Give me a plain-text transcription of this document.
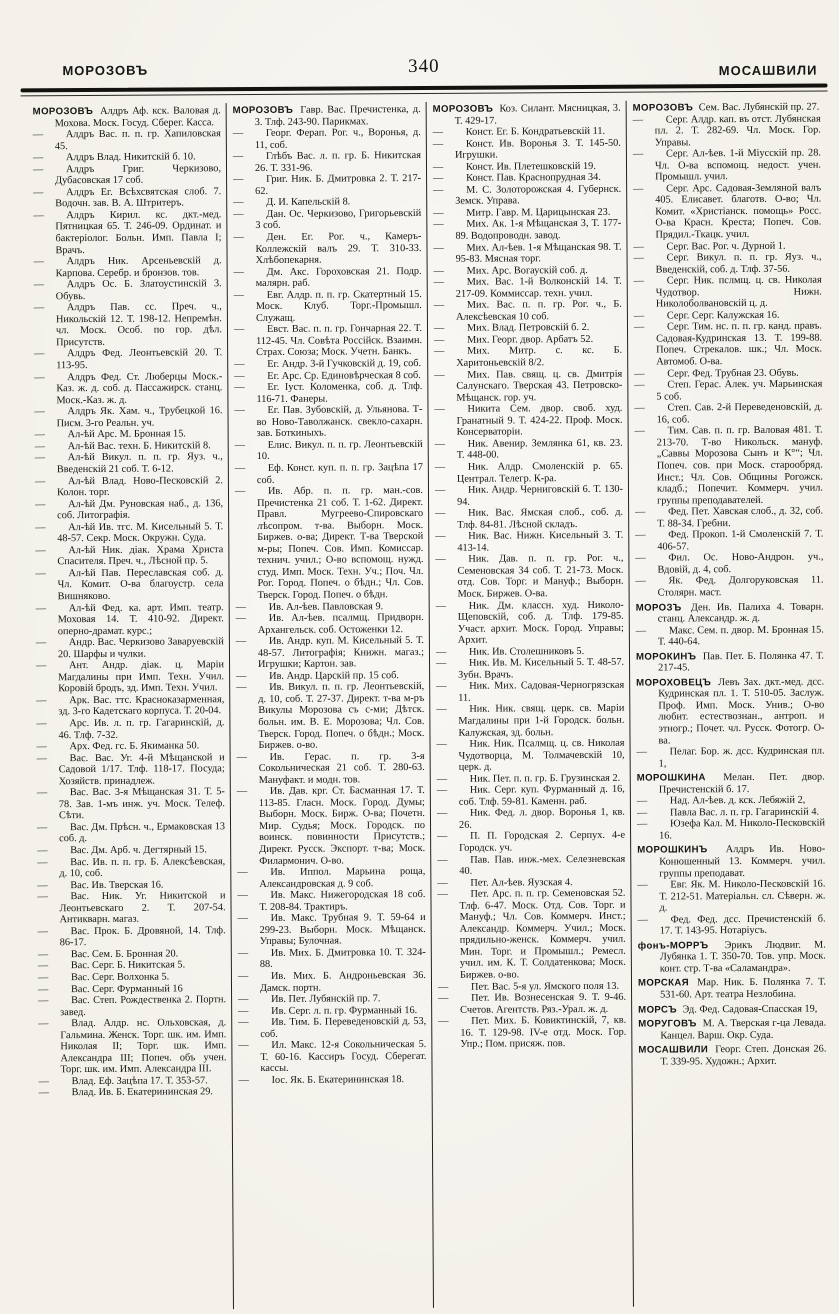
МОРОЗОВЪ	340	МОСАШВИЛИ

МОРОЗОВЪ Алдръ Аф. кск. Валовая д. Мохова. Моск. Госуд. Сберег. Касса.

— Алдръ Вас. п. п. гр. Хапиловская 45.

— Алдръ Влад. Никитскій б. 10.

— Алдръ Григ. Черкизово, Дубасовская 17 соб.

— Алдръ Ег. Всѣхсвятская слоб. 7. Водочн. зав. В. А. Штритеръ.

— Алдръ Кирил. кс. дкт.-мед. Пятницкая 65. Т. 246-09. Ординат. и бактеріолог. Больн. Имп. Павла I; Врачъ.

— Алдръ Ник. Арсеньевскій д. Карпова. Серебр. и бронзов. тов.

— Алдръ Ос. Б. Златоустинскій 3. Обувь.

— Алдръ Пав. сс. Преч. ч., Никольскій 12. Т. 198-12. Непремѣн. чл. Моск. Особ. по гор. дѣл. Присутств.

— Алдръ Фед. Леонтьевскій 20. Т. 113-95.

— Алдръ Фед. Ст. Люберцы Моск.-Каз. ж. д. соб. д. Пассажирск. станц. Моск.-Каз. ж. д.

— Алдръ Як. Хам. ч., Трубецкой 16. Писм. 3-го Реальн. уч.

— Ал-ѣй Арс. М. Бронная 15.

— Ал-ѣй Вас. техн. Б. Никитскій 8.

— Ал-ѣй Викул. п. п. гр. Яуз. ч., Введенскій 21 соб. Т. 6-12.

— Ал-ѣй Влад. Ново-Песковскій 2. Колон. торг.

— Ал-ѣй Дм. Руновская наб., д. 136, соб. Литографія.

— Ал-ѣй Ив. тгс. М. Кисельный 5. Т. 48-57. Секр. Моск. Окружн. Суда.

— Ал-ѣй Ник. діак. Храма Христа Спасителя. Преч. ч., Лѣсной пр. 5.

— Ал-ѣй Пав. Переславская соб. д. Чл. Комит. О-ва благоустр. села Вишняково.

— Ал-ѣй Фед. ка. арт. Имп. театр. Моховая 14. Т. 410-92. Директ. оперно-драмат. курс.;

— Андр. Вас. Черкизово Заваруевскій 20. Шарфы и чулки.

— Ант. Андр. діак. ц. Маріи Магдалины при Имп. Техн. Учил. Коровій бродъ, зд. Имп. Техн. Учил.

— Арк. Вас. ттс. Красноказарменная, зд. 3-го Кадетскаго корпуса. Т. 20-04.

— Арс. Ив. л. п. гр. Гагаринскій, д. 46. Тлф. 7-32.

— Арх. Фед. гс. Б. Якиманка 50.

— Вас. Вас. Уг. 4-й Мѣщанской и Садовой 1/17. Тлф. 118-17. Посуда; Хозяйств. принадлеж.

— Вас. Вас. 3-я Мѣщанская 31. Т. 5-78. Зав. 1-мъ инж. уч. Моск. Телеф. Сѣти.

— Вас. Дм. Прѣсн. ч., Ермаковская 13 соб. д.

— Вас. Дм. Арб. ч. Дегтярный 15.

— Вас. Ив. п. п. гр. Б. Алексѣевская, д. 10, соб.

— Вас. Ив. Тверская 16.

— Вас. Ник. Уг. Никитской и Леонтьевскаго 2. Т. 207-54. Антикварн. магаз.

— Вас. Прок. Б. Дровяной, 14. Тлф. 86-17.

— Вас. Сем. Б. Бронная 20.

— Вас. Серг. Б. Никитская 5.

— Вас. Серг. Волхонка 5.

— Вас. Серг. Фурманный 16

— Вас. Степ. Рождественка 2. Портн. завед.

— Влад. Алдр. нс. Ольховская, д. Гальмина. Женск. Торг. шк. им. Имп. Николая II; Торг. шк. Имп. Александра III; Попеч. объ учен. Торг. шк. им. Имп. Александра III.

— Влад. Еф. Зацѣпа 17. Т. 353-57.

— Влад. Ив. Б. Екатерининская 29.

МОРОЗОВЪ Гавр. Вас. Пречистенка, д. 3. Тлф. 243-90. Парикмах.

— Георг. Ферап. Рог. ч., Воронья, д. 11, соб.

— Глѣбъ Вас. л. п. гр. Б. Никитская 26. Т. 331-96.

— Григ. Ник. Б. Дмитровка 2. Т. 217-62.

— Д. И. Капельскій 8.

— Дан. Ос. Черкизово, Григорьевскій 3 соб.

— Ден. Ег. Рог. ч., Камеръ-Коллежскій валъ 29. Т. 310-33. Хлѣбопекарня.

— Дм. Акс. Гороховская 21. Подр. малярн. раб.

— Евг. Алдр. п. п. гр. Скатертный 15. Моск. Клуб. Торг.-Промышл. Служащ.

— Евст. Вас. п. п. гр. Гончарная 22. Т. 112-45. Чл. Совѣта Россійск. Взаимн. Страх. Союза; Моск. Учетн. Банкъ.

— Ег. Андр. 3-й Гучковскій д. 19, соб.

— Ег. Арс. Ср. Единовѣрческая 8 соб.

— Ег. Іуст. Коломенка, соб. д. Тлф. 116-71. Фанеры.

— Ег. Пав. Зубовскій, д. Ульянова. Т-во Ново-Таволжанск. свекло-сахарн. зав. Боткиныхъ.

— Елис. Викул. п. п. гр. Леонтьевскій 10.

— Еф. Конст. куп. п. п. гр. Зацѣпа 17 соб.

— Ив. Абр. п. п. гр. ман.-сов. Пречистенка 21 соб. Т. 1-62. Директ. Правл. Мугреево-Спировскаго лѣсопром. т-ва. Выборн. Моск. Биржев. о-ва; Директ. Т-ва Тверской м-ры; Попеч. Сов. Имп. Комиссар. технич. учил.; О-во вспомощ. нужд. студ. Имп. Моск. Техн. Уч.; Поч. Чл. Рог. Город. Попеч. о бѣдн.; Чл. Сов. Тверск. Город. Попеч. о бѣдн.

— Ив. Ал-ѣев. Павловская 9.

— Ив. Ал-ѣев. псалмщ. Придворн. Архангельск. соб. Остоженки 12.

— Ив. Андр. куп. М. Кисельный 5. Т. 48-57. Литографія; Книжн. магаз.; Игрушки; Картон. зав.

— Ив. Андр. Царскій пр. 15 соб.

— Ив. Викул. п. п. гр. Леонтьевскій, д. 10, соб. Т. 27-37. Директ. т-ва м-ръ Викулы Морозова съ с-ми; Дѣтск. больн. им. В. Е. Морозова; Чл. Сов. Тверск. Город. Попеч. о бѣдн.; Моск. Биржев. о-во.

— Ив. Герас. п. гр. 3-я Сокольническая 21 соб. Т. 280-63. Мануфакт. и модн. тов.

— Ив. Дав. крг. Ст. Басманная 17. Т. 113-85. Гласн. Моск. Город. Думы; Выборн. Моск. Бирж. О-ва; Почетн. Мир. Судья; Моск. Городск. по воинск. повинности Присутств.; Директ. Русск. Экспорт. т-ва; Моск. Филармонич. О-во.

— Ив. Иппол. Марьина роща, Александровская д. 9 соб.

— Ив. Макс. Нижегородская 18 соб. Т. 208-84. Трактиръ.

— Ив. Макс. Трубная 9. Т. 59-64 и 299-23. Выборн. Моск. Мѣщанск. Управы; Булочная.

— Ив. Мих. Б. Дмитровка 10. Т. 324-88.

— Ив. Мих. Б. Андроньевская 36. Дамск. портн.

— Ив. Пет. Лубянскій пр. 7.

— Ив. Серг. л. п. гр. Фурманный 16.

— Ив. Тим. Б. Переведеновскій д. 53, соб.

— Ил. Макс. 12-я Сокольническая 5. Т. 60-16. Кассиръ Госуд. Сберегат. кассы.

— Іос. Як. Б. Екатерининская 18.

МОРОЗОВЪ Коз. Силант. Мясницкая, 3. Т. 429-17.

— Конст. Ег. Б. Кондратьевскій 11.

— Конст. Ив. Воронья 3. Т. 145-50. Игрушки.

— Конст. Ив. Плетешковскій 19.

— Конст. Пав. Краснопрудная 34.

— М. С. Золоторожская 4. Губернск. Земск. Управа.

— Митр. Гавр. М. Царицынская 23.

— Мих. Ак. 1-я Мѣщанская 3, Т. 177-89. Водопроводн. завод.

— Мих. Ал-ѣев. 1-я Мѣщанская 98. Т. 95-83. Мясная торг.

— Мих. Арс. Вогаускій соб. д.

— Мих. Вас. 1-й Волконскій 14. Т. 217-09. Коммиссар. техн. учил.

— Мих. Вас. п. п. гр. Рог. ч., Б. Алексѣевская 10 соб.

— Мих. Влад. Петровскій б. 2.

— Мих. Георг. двор. Арбатъ 52.

— Мих. Митр. с. кс. Б. Харитоньевскій 8/2.

— Мих. Пав. свящ. ц. св. Дмитрія Салунскаго. Тверская 43. Петровско-Мѣщанск. гор. уч.

— Никита Сем. двор. своб. худ. Гранатный 9. Т. 424-22. Проф. Моск. Консерваторіи.

— Ник. Авенир. Землянка 61, кв. 23. Т. 448-00.

— Ник. Алдр. Смоленскій р. 65. Централ. Телегр. К-ра.

— Ник. Андр. Черниговскій 6. Т. 130-94.

— Ник. Вас. Ямская слоб., соб. д. Тлф. 84-81. Лѣсной складъ.

— Ник. Вас. Нижн. Кисельный 3. Т. 413-14.

— Ник. Дав. п. п. гр. Рог. ч., Семеновская 34 соб. Т. 21-73. Моск. отд. Сов. Торг. и Мануф.; Выборн. Моск. Биржев. О-ва.

— Ник. Дм. классн. худ. Николо-Щеповскій, соб. д. Тлф. 179-85. Участ. архит. Моск. Город. Управы; Архит.

— Ник. Ив. Столешниковъ 5.

— Ник. Ив. М. Кисельный 5. Т. 48-57. Зубн. Врачъ.

— Ник. Мих. Садовая-Черногрязская 11.

— Ник. Ник. свящ. церк. св. Маріи Магдалины при 1-й Городск. больн. Калужская, зд. больн.

— Ник. Ник. Псалмщ. ц. св. Николая Чудотворца, М. Толмачевскій 10, церк. д.

— Ник. Пет. п. п. гр. Б. Грузинская 2.

— Ник. Серг. куп. Фурманный д. 16, соб. Тлф. 59-81. Каменн. раб.

— Ник. Фед. л. двор. Воронья 1, кв. 26.

— П. П. Городская 2. Серпух. 4-е Городск. уч.

— Пав. Пав. инж.-мех. Селезневская 40.

— Пет. Ал-ѣев. Яузская 4.

— Пет. Арс. п. п. гр. Семеновская 52. Тлф. 6-47. Моск. Отд. Сов. Торг. и Мануф.; Чл. Сов. Коммерч. Инст.; Александр. Коммерч. Учил.; Моск. прядильно-женск. Коммерч. учил. Мин. Торг. и Промышл.; Ремесл. учил. им. К. Т. Солдатенкова; Моск. Биржев. о-во.

— Пет. Вас. 5-я ул. Ямского поля 13.

— Пет. Ив. Вознесенская 9. Т. 9-46. Счетов. Агентств. Ряз.-Урал. ж. д.

— Пет. Мих. Б. Ковиктинскій, 7, кв. 16. Т. 129-98. IV-е отд. Моск. Гор. Упр.; Пом. присяж. пов.

МОРОЗОВЪ Сем. Вас. Лубянскій пр. 27.

— Серг. Алдр. кап. въ отст. Лубянская пл. 2. Т. 282-69. Чл. Моск. Гор. Управы.

— Серг. Ал-ѣев. 1-й Міусскій пр. 28. Чл. О-ва вспомощ. недост. учен. Промышл. учил.

— Серг. Арс. Садовая-Земляной валъ 405. Елисавет. благотв. О-во; Чл. Комит. «Христіанск. помощь» Росс. О-ва Красн. Креста; Попеч. Сов. Прядил.-Ткацк. учил.

— Серг. Вас. Рог. ч. Дурной 1.

— Серг. Викул. п. п. гр. Яуз. ч., Введенскій, соб. д. Тлф. 37-56.

— Серг. Ник. пслмщ. ц. св. Николая Чудотвор. Нижн. Николоболвановскій ц. д.

— Серг. Серг. Калужская 16.

— Серг. Тим. нс. п. п. гр. канд. правъ. Садовая-Кудринская 13. Т. 199-88. Попеч. Стрекалов. шк.; Чл. Моск. Автомоб. О-ва.

— Серг. Фед. Трубная 23. Обувь.

— Степ. Герас. Алек. уч. Марьинская 5 соб.

— Степ. Сав. 2-й Переведеновскій, д. 16, соб.

— Тим. Сав. п. п. гр. Валовая 481. Т. 213-70. Т-во Никольск. мануф. „Саввы Морозова Сынъ и К°“; Чл. Попеч. сов. при Моск. старообряд. Инст.; Чл. Сов. Общины Рогожск. кладб.; Попечит. Коммерч. учил. группы преподавателей.

— Фед. Пет. Хавская слоб., д. 32, соб. Т. 88-34. Гребни.

— Фед. Прокоп. 1-й Смоленскій 7. Т. 406-57.

— Фил. Ос. Ново-Андрон. уч., Вдовій, д. 4, соб.

— Як. Фед. Долгоруковская 11. Столярн. маст.

МОРОЗЪ Ден. Ив. Палиха 4. Товарн. станц. Александр. ж. д.

— Макс. Сем. п. двор. М. Бронная 15. Т. 440-64.

МОРОКИНЪ Пав. Пет. Б. Полянка 47. Т. 217-45.

МОРОХОВЕЦЪ Левъ Зах. дкт.-мед. дсс. Кудринская пл. 1. Т. 510-05. Заслуж. Проф. Имп. Моск. Унив.; О-во любит. естествознан., антроп. и этногр.; Почет. чл. Русск. Фотогр. О-ва.

— Пелаг. Бор. ж. дсс. Кудринская пл. 1,

МОРОШКИНА Мелан. Пет. двор. Пречистенскій б. 17.

— Над. Ал-ѣев. д. кск. Лебяжій 2,

— Павла Вас. л. п. гр. Гагаринскій 4.

— Юзефа Кал. М. Николо-Песковскій 16.

МОРОШКИНЪ Алдръ Ив. Ново-Конюшенный 13. Коммерч. учил. группы преподават.

— Евг. Як. М. Николо-Песковскій 16. Т. 212-51. Матеріальн. сл. Сѣверн. ж. д.

— Фед. Фед. дсс. Пречистенскій б. 17. Т. 143-95. Нотаріусъ.

фонъ-МОРРЪ Эрикъ Людвиг. М. Лубянка 1. Т. 350-70. Тов. упр. Моск. конт. стр. Т-ва «Саламандра».

МОРСКАЯ Мар. Ник. Б. Полянка 7. Т. 531-60. Арт. театра Незлобина.

МОРСЪ Эд. Фед. Садовая-Спасская 19,

МОРУГОВЪ М. А. Тверская г-ца Левада. Канцел. Варш. Окр. Суда.

МОСАШВИЛИ Георг. Степ. Донская 26. Т. 339-95. Художн.; Архит.
